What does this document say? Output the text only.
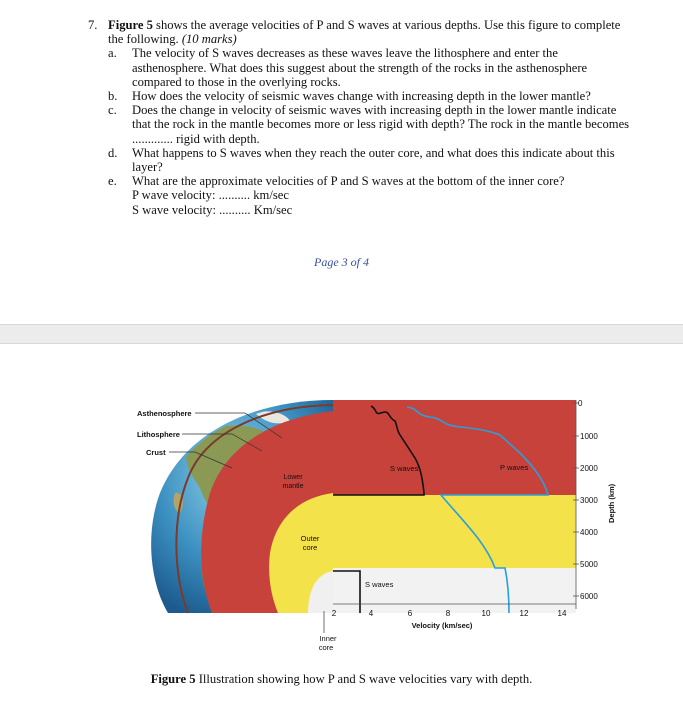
7. Figure 5 shows the average velocities of P and S waves at various depths. Use this figure to complete the following. (10 marks)
a.	The velocity of S waves decreases as these waves leave the lithosphere and enter the asthenosphere. What does this suggest about the strength of the rocks in the asthenosphere compared to those in the overlying rocks.
b.	How does the velocity of seismic waves change with increasing depth in the lower mantle?
c.	Does the change in velocity of seismic waves with increasing depth in the lower mantle indicate that the rock in the mantle becomes more or less rigid with depth? The rock in the mantle becomes ............. rigid with depth.
d.	What happens to S waves when they reach the outer core, and what does this indicate about this layer?
e.	What are the approximate velocities of P and S waves at the bottom of the inner core?
P wave velocity: .......... km/sec
S wave velocity: .......... Km/sec
Page 3 of 4
S waves	P waves
S waves
Lower
mantle
Outer
core
Inner
core
Asthenosphere
Lithosphere
Crust
0
1000
2000
3000
4000
5000
6000
Depth (km)
2	4	6	8	10	12	14
Velocity (km/sec)
Figure 5 Illustration showing how P and S wave velocities vary with depth.
